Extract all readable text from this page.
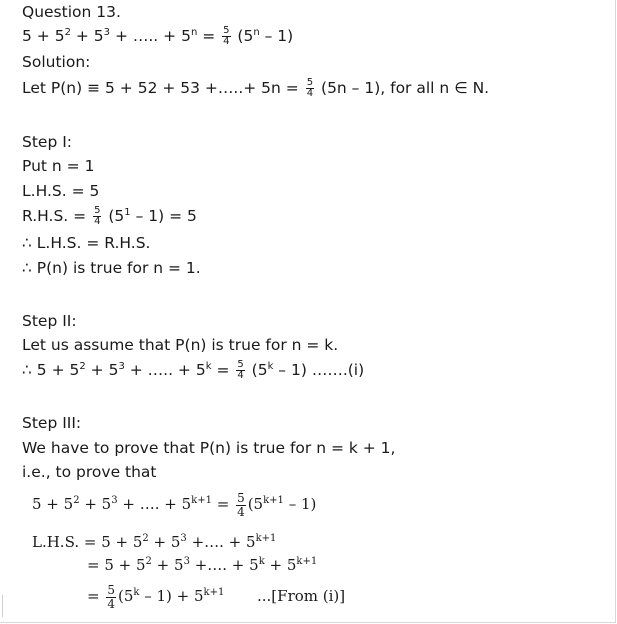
Question 13.
$5 + 5^2 + 5^3$ + ….. + $5^n = \frac{5}{4} (5^n - 1)$
Solution:
Let P(n) ≡ 5 + 52 + 53 +…..+ $5n = \frac{5}{4} (5n - 1)$, for all n ∈ N.
Step I:
Put n = 1
L.H.S. = 5
R.H.S. = $\frac{5}{4} (5^1 - 1) = 5$
∴ L.H.S. = R.H.S.
∴ P(n) is true for n = 1.
Step II:
Let us assume that P(n) is true for n = k.
∴ $5 + 5^2 + 5^3$ + ….. + $5^k = \frac{5}{4} (5^k - 1)$ …….(i)
Step III:
We have to prove that P(n) is true for n = k + 1,
i.e., to prove that
$5 + 5^2 + 5^3$ + …. + $5^{k+1} = \frac{5}{4} (5^{k+1} - 1)$
L.H.S. = $5 + 5^2 + 5^3$ +…. + $5^{k+1}$
= $5 + 5^2 + 5^3$ +…. + $5^k + 5^{k+1}$
= $\frac{5}{4} (5^k - 1) + 5^{k+1}$ ...[From (i)]
